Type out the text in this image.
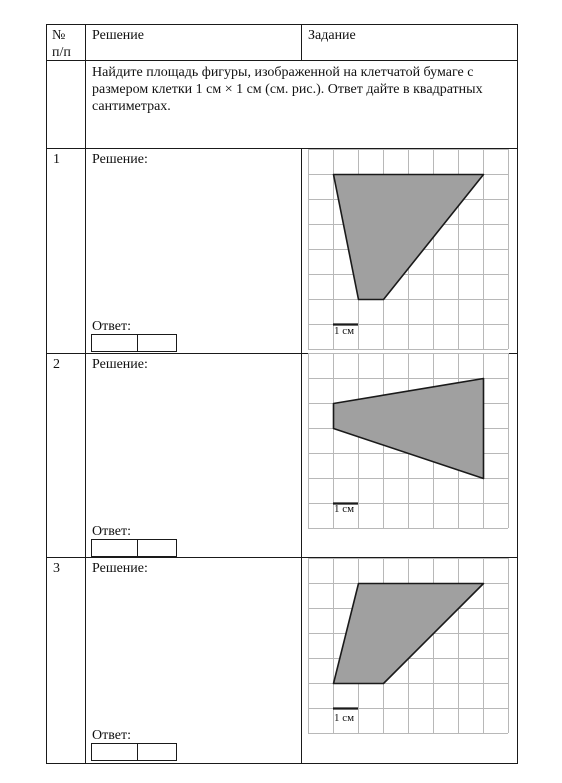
№
п/п
Решение	Задание
Найдите площадь фигуры, изображенной на клетчатой бумаге с размером клетки 1 см × 1 см (см. рис.). Ответ дайте в квадратных сантиметрах.
1 Решение:
Ответ:	1 см
2 Решение:
Ответ:
1 см
3 Решение:
Ответ:
1 см
